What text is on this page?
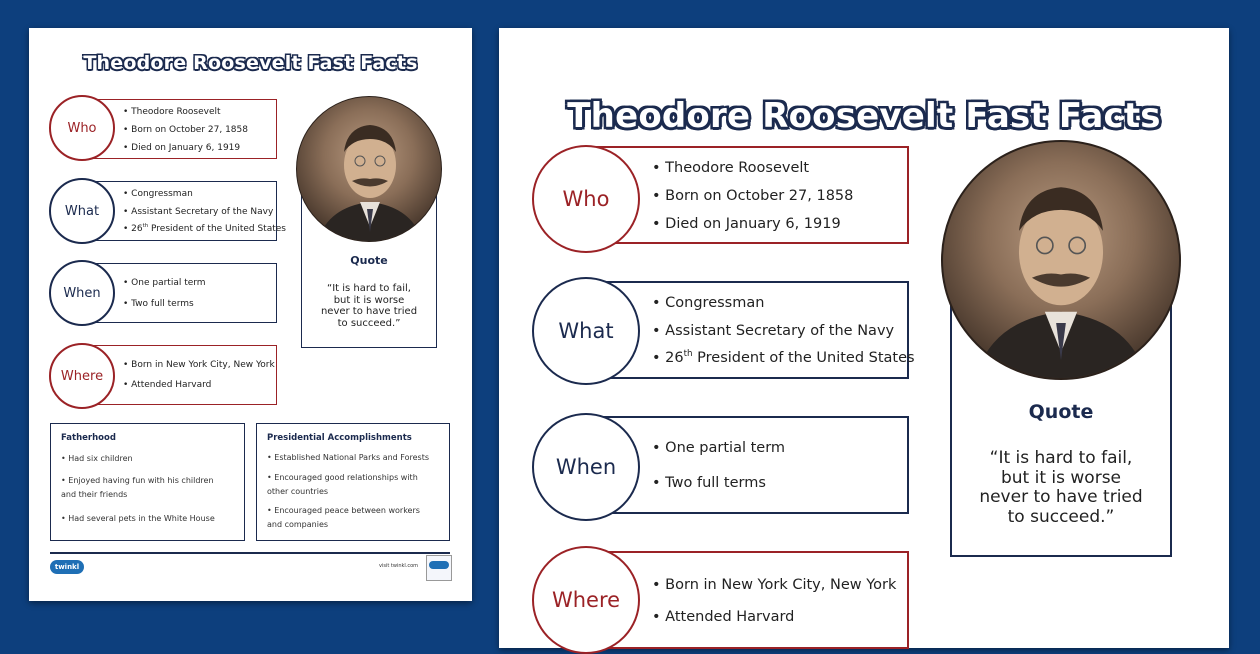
Theodore Roosevelt Fast Facts
• Theodore Roosevelt
• Born on October 27, 1858
• Died on January 6, 1919
Who
• Congressman
• Assistant Secretary of the Navy
• 26th President of the United States
What
• One partial term
• Two full terms
When
• Born in New York City, New York
• Attended Harvard
Where
Quote
“It is hard to fail,
but it is worse
never to have tried
to succeed.”
Fatherhood
• Had six children
• Enjoyed having fun with his children and their friends
• Had several pets in the White House
Presidential Accomplishments
• Established National Parks and Forests
• Encouraged good relationships with other countries
• Encouraged peace between workers and companies
twinkl	visit twinkl.com
Theodore Roosevelt Fast Facts
• Theodore Roosevelt
• Born on October 27, 1858
• Died on January 6, 1919
Who
• Congressman
• Assistant Secretary of the Navy
• 26th President of the United States
What
• One partial term
• Two full terms
When
• Born in New York City, New York
• Attended Harvard
Where
Quote
“It is hard to fail,
but it is worse
never to have tried
to succeed.”
